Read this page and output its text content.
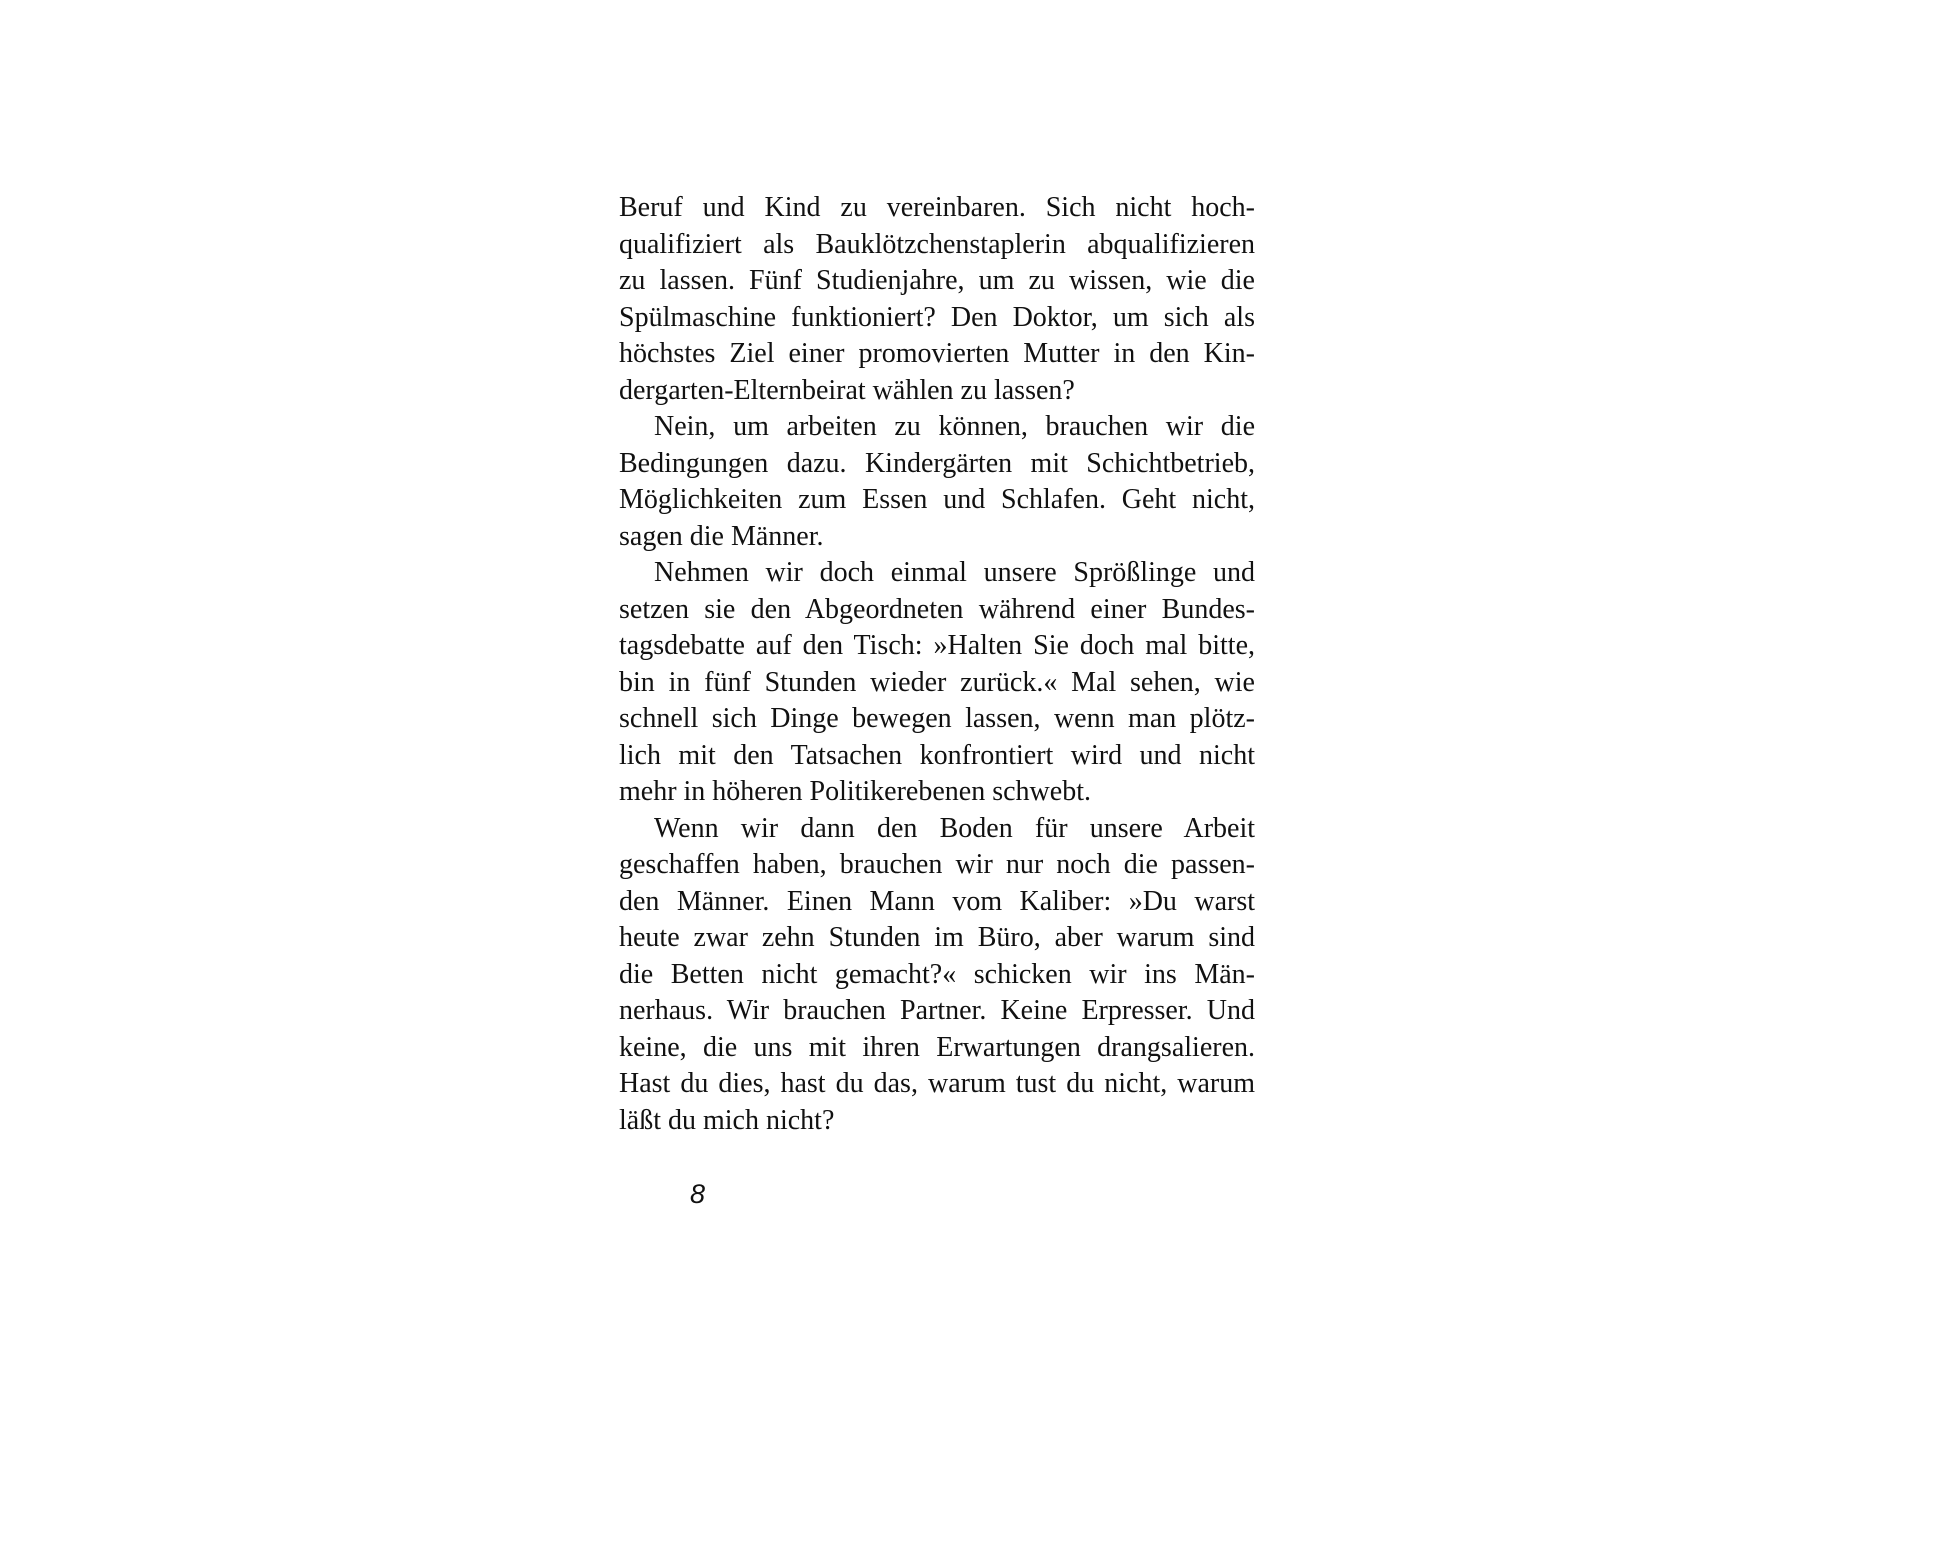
Beruf und Kind zu vereinbaren. Sich nicht hoch-
qualifiziert als Bauklötzchenstaplerin abqualifizieren
zu lassen. Fünf Studienjahre, um zu wissen, wie die
Spülmaschine funktioniert? Den Doktor, um sich als
höchstes Ziel einer promovierten Mutter in den Kin-
dergarten-Elternbeirat wählen zu lassen?
Nein, um arbeiten zu können, brauchen wir die
Bedingungen dazu. Kindergärten mit Schichtbetrieb,
Möglichkeiten zum Essen und Schlafen. Geht nicht,
sagen die Männer.
Nehmen wir doch einmal unsere Sprößlinge und
setzen sie den Abgeordneten während einer Bundes-
tagsdebatte auf den Tisch: »Halten Sie doch mal bitte,
bin in fünf Stunden wieder zurück.« Mal sehen, wie
schnell sich Dinge bewegen lassen, wenn man plötz-
lich mit den Tatsachen konfrontiert wird und nicht
mehr in höheren Politikerebenen schwebt.
Wenn wir dann den Boden für unsere Arbeit
geschaffen haben, brauchen wir nur noch die passen-
den Männer. Einen Mann vom Kaliber: »Du warst
heute zwar zehn Stunden im Büro, aber warum sind
die Betten nicht gemacht?« schicken wir ins Män-
nerhaus. Wir brauchen Partner. Keine Erpresser. Und
keine, die uns mit ihren Erwartungen drangsalieren.
Hast du dies, hast du das, warum tust du nicht, warum
läßt du mich nicht?
8
